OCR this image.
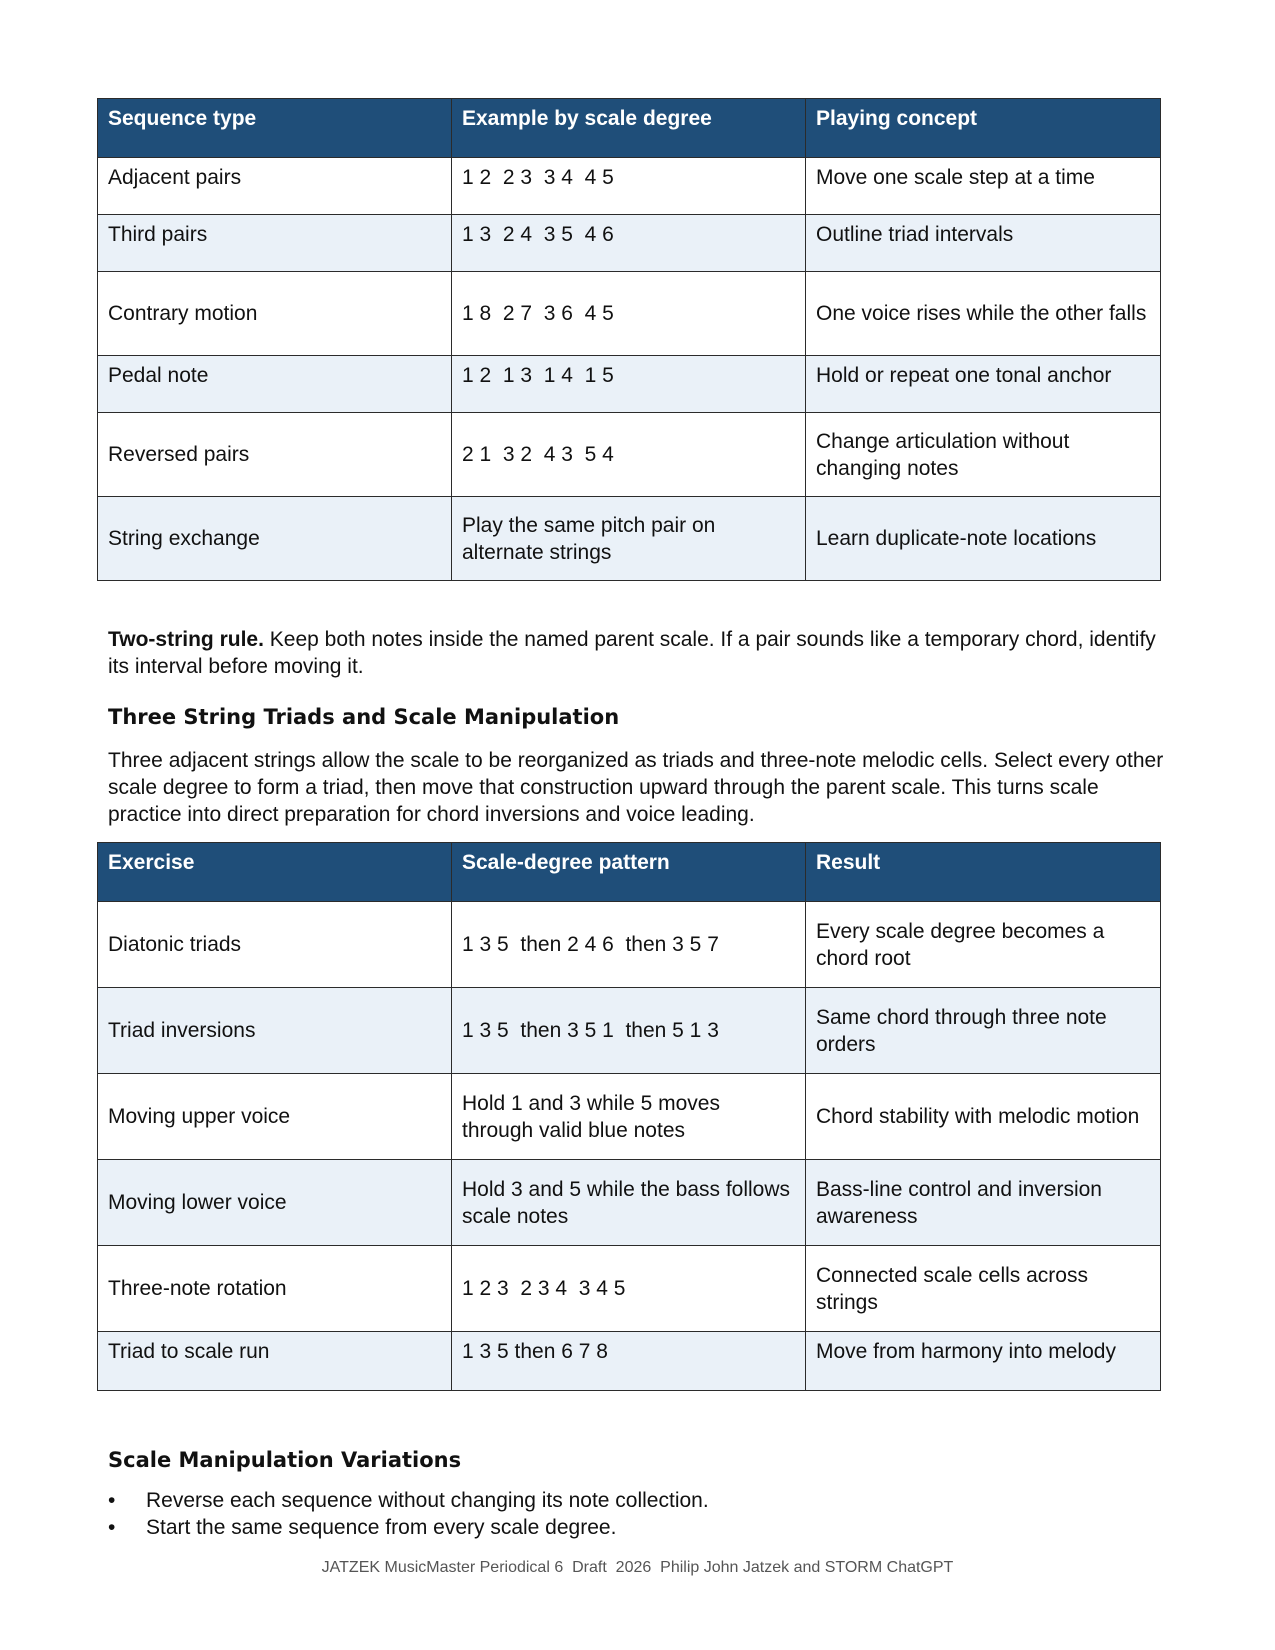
Sequence type	Example by scale degree	Playing concept
Adjacent pairs	1 2  2 3  3 4  4 5	Move one scale step at a time
Third pairs	1 3  2 4  3 5  4 6	Outline triad intervals
Contrary motion	1 8  2 7  3 6  4 5	One voice rises while the other falls
Pedal note	1 2  1 3  1 4  1 5	Hold or repeat one tonal anchor
Reversed pairs	2 1  3 2  4 3  5 4	Change articulation without changing notes
String exchange	Play the same pitch pair on alternate strings	Learn duplicate-note locations

Two-string rule. Keep both notes inside the named parent scale. If a pair sounds like a temporary chord, identify its interval before moving it.

Three String Triads and Scale Manipulation

Three adjacent strings allow the scale to be reorganized as triads and three-note melodic cells. Select every other scale degree to form a triad, then move that construction upward through the parent scale. This turns scale practice into direct preparation for chord inversions and voice leading.

Exercise	Scale-degree pattern	Result
Diatonic triads	1 3 5  then 2 4 6  then 3 5 7	Every scale degree becomes a chord root
Triad inversions	1 3 5  then 3 5 1  then 5 1 3	Same chord through three note orders
Moving upper voice	Hold 1 and 3 while 5 moves through valid blue notes	Chord stability with melodic motion
Moving lower voice	Hold 3 and 5 while the bass follows scale notes	Bass-line control and inversion awareness
Three-note rotation	1 2 3  2 3 4  3 4 5	Connected scale cells across strings
Triad to scale run	1 3 5 then 6 7 8	Move from harmony into melody
Scale Manipulation Variations
• Reverse each sequence without changing its note collection.
• Start the same sequence from every scale degree.
JATZEK MusicMaster Periodical 6  Draft  2026  Philip John Jatzek and STORM ChatGPT
